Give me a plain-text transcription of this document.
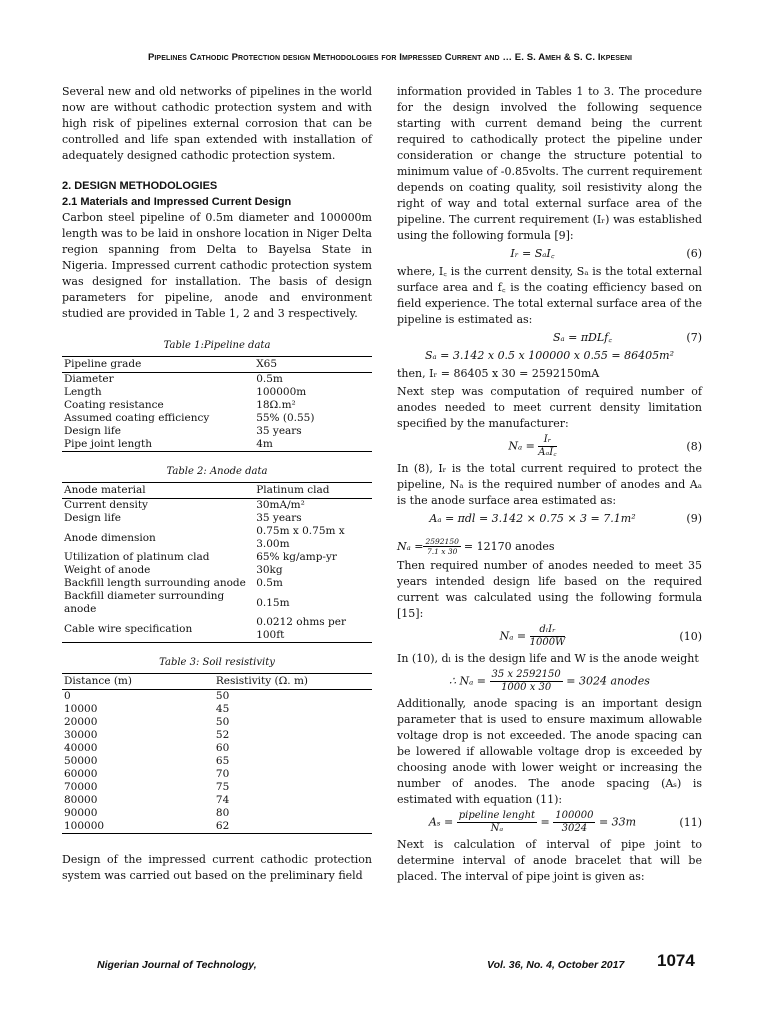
Pipelines Cathodic Protection design Methodologies for Impressed Current and … E. S. Ameh & S. C. Ikpeseni

Several new and old networks of pipelines in the world now are without cathodic protection system and with high risk of pipelines external corrosion that can be controlled and life span extended with installation of adequately designed cathodic protection system.

2. DESIGN METHODOLOGIES
2.1 Materials and Impressed Current Design

Carbon steel pipeline of 0.5m diameter and 100000m length was to be laid in onshore location in Niger Delta region spanning from Delta to Bayelsa State in Nigeria. Impressed current cathodic protection system was designed for installation. The basis of design parameters for pipeline, anode and environment studied are provided in Table 1, 2 and 3 respectively.

Table 1:Pipeline data
Pipeline grade	X65
Diameter	0.5m
Length	100000m
Coating resistance	18Ω.m²
Assumed coating efficiency	55% (0.55)
Design life	35 years
Pipe joint length	4m
Table 2: Anode data
Anode material	Platinum clad
Current density	30mA/m²
Design life	35 years
Anode dimension	0.75m x 0.75m x 3.00m
Utilization of platinum clad	65% kg/amp-yr
Weight of anode	30kg
Backfill length surrounding anode	0.5m
Backfill diameter surrounding anode	0.15m
Cable wire specification	0.0212 ohms per 100ft
Table 3: Soil resistivity
Distance (m)	Resistivity (Ω. m)
0	50
10000	45
20000	50
30000	52
40000	60
50000	65
60000	70
70000	75
80000	74
90000	80
100000	62

Design of the impressed current cathodic protection system was carried out based on the preliminary field

information provided in Tables 1 to 3. The procedure for the design involved the following sequence starting with current demand being the current required to cathodically protect the pipeline under consideration or change the structure potential to minimum value of -0.85volts. The current requirement depends on coating quality, soil resistivity along the right of way and total external surface area of the pipeline. The current requirement (Iᵣ) was established using the following formula [9]:

Iᵣ = SₐI꜀	(6)

where, I꜀ is the current density, Sₐ is the total external surface area and f꜀ is the coating efficiency based on field experience. The total external surface area of the pipeline is estimated as:

Sₐ = πDLf꜀	(7)
Sₐ = 3.142 x 0.5 x 100000 x 0.55 = 86405m²
then, Iᵣ = 86405 x 30 = 2592150mA

Next step was computation of required number of anodes needed to meet current density limitation specified by the manufacturer:

$N_a = \frac{\text{Iᵣ}}{\text{AₐI꜀}}$	(8)

In (8), Iᵣ is the total current required to protect the pipeline, Nₐ is the required number of anodes and Aₐ is the anode surface area estimated as:

Aₐ = πdl = 3.142 × 0.75 × 3 = 7.1m²	(9)
$N_a = \frac{2592150}{7.1 x 30} = 12170$ anodes

Then required number of anodes needed to meet 35 years intended design life based on the required current was calculated using the following formula [15]:

$N_a = \frac{\text{dₗIᵣ}}{1000W}$	(10)

In (10), dₗ is the design life and W is the anode weight

∴ $N_a = \frac{35 x 2592150}{1000 x 30} = 3024$ anodes

Additionally, anode spacing is an important design parameter that is used to ensure maximum allowable voltage drop is not exceeded. The anode spacing can be lowered if allowable voltage drop is exceeded by choosing anode with lower weight or increasing the number of anodes. The anode spacing (Aₛ) is estimated with equation (11):

$A_s = \frac{\text{pipeline lenght}}{\text{Nₐ}} = \frac{100000}{3024} = 33m$	(11)

Next is calculation of interval of pipe joint to determine interval of anode bracelet that will be placed. The interval of pipe joint is given as:

Nigerian Journal of Technology,	Vol. 36, No. 4, October 2017 1074
